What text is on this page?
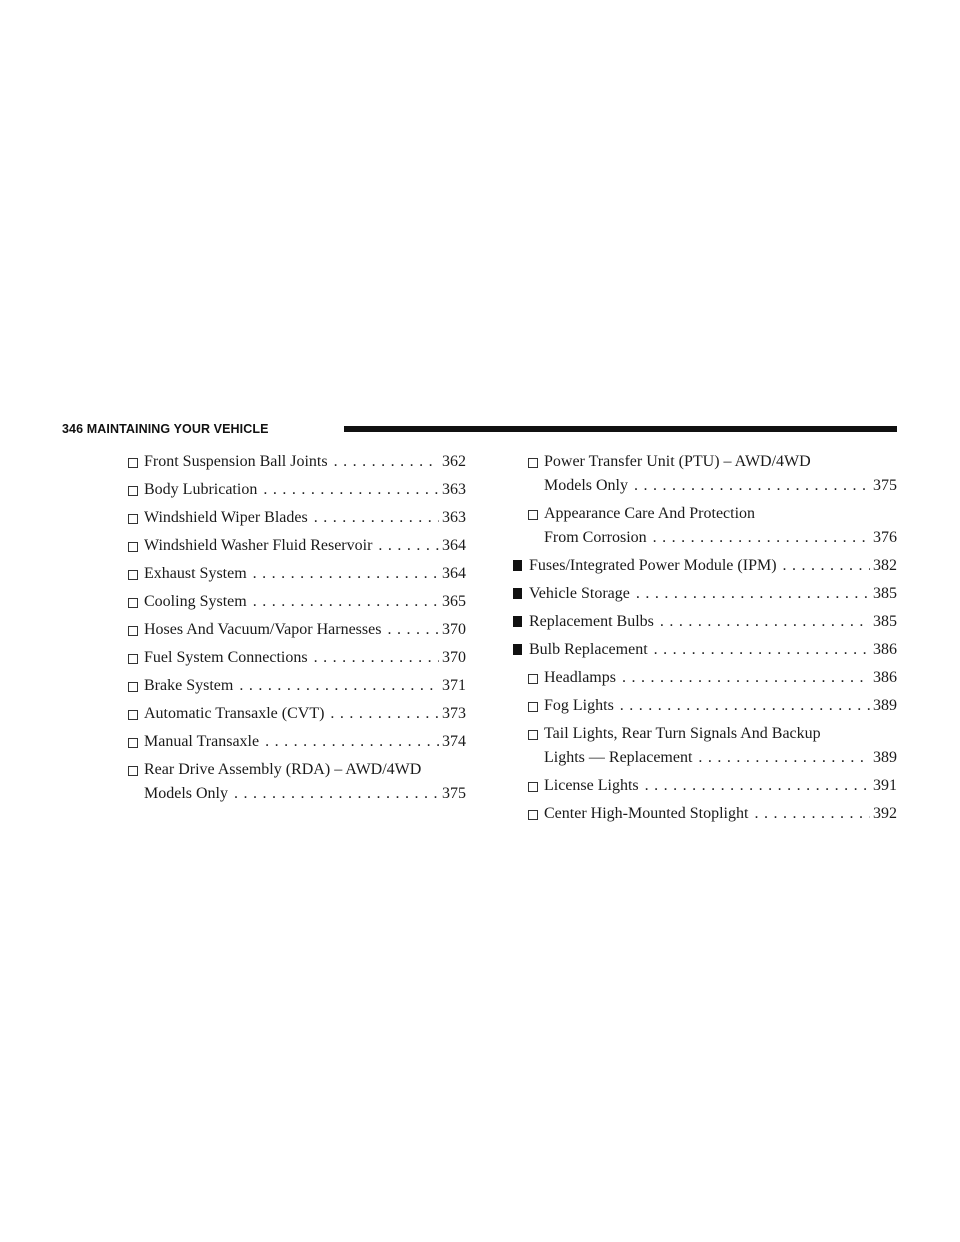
346 MAINTAINING YOUR VEHICLE
Front Suspension Ball Joints . . .	362
Body Lubrication . . .	363
Windshield Wiper Blades . . .	363
Windshield Washer Fluid Reservoir . . .	364
Exhaust System . . .	364
Cooling System . . .	365
Hoses And Vacuum/Vapor Harnesses . . .	370
Fuel System Connections . . .	370
Brake System . . .	371
Automatic Transaxle (CVT) . . .	373
Manual Transaxle . . .	374
Rear Drive Assembly (RDA) – AWD/4WD
Models Only . . .	375
Power Transfer Unit (PTU) – AWD/4WD
Models Only . . .	375
Appearance Care And Protection
From Corrosion . . .	376
Fuses/Integrated Power Module (IPM) . . .	382
Vehicle Storage . . .	385
Replacement Bulbs . . .	385
Bulb Replacement . . .	386
Headlamps . . .	386
Fog Lights . . .	389
Tail Lights, Rear Turn Signals And Backup
Lights — Replacement . . .	389
License Lights . . .	391
Center High-Mounted Stoplight . . .	392
